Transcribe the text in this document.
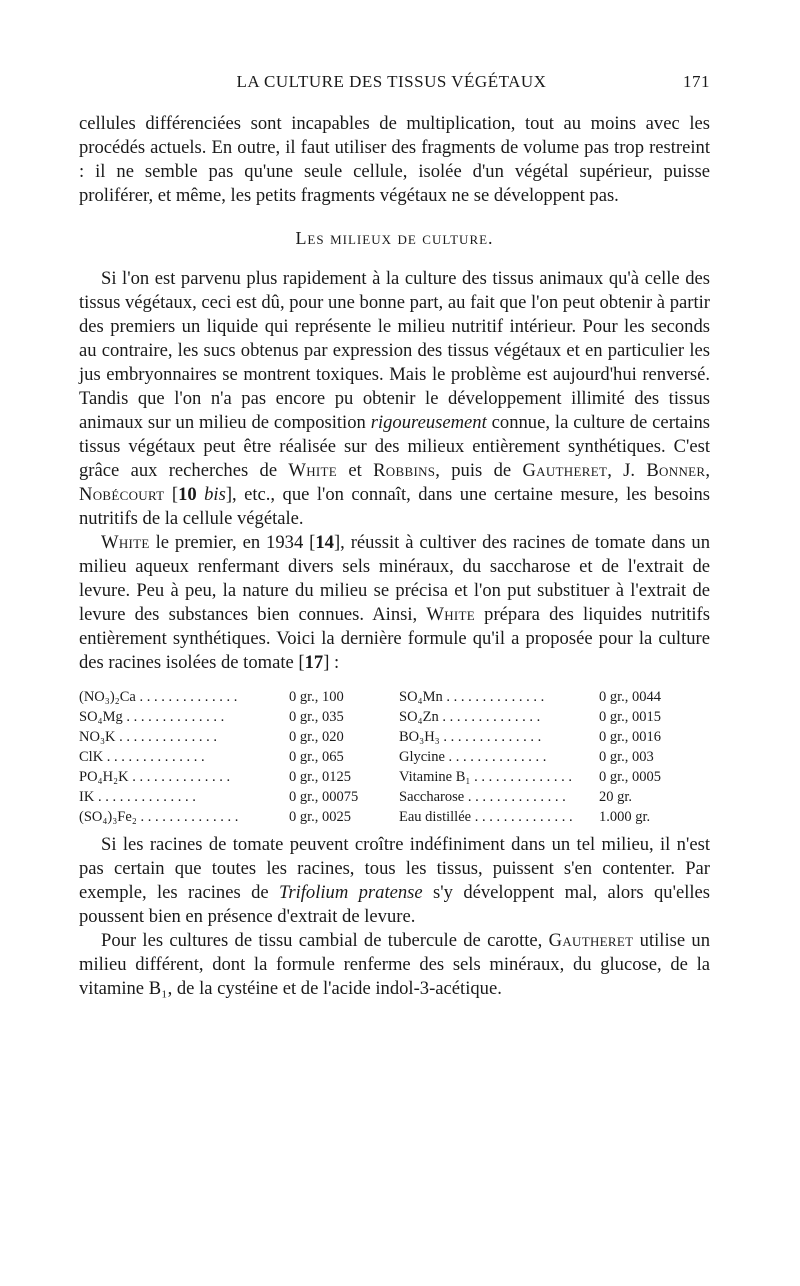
LA CULTURE DES TISSUS VÉGÉTAUX	171

cellules différenciées sont incapables de multiplication, tout au moins avec les procédés actuels. En outre, il faut utiliser des fragments de volume pas trop restreint : il ne semble pas qu'une seule cellule, isolée d'un végétal supérieur, puisse proliférer, et même, les petits fragments végétaux ne se développent pas.

Les milieux de culture.

Si l'on est parvenu plus rapidement à la culture des tissus animaux qu'à celle des tissus végétaux, ceci est dû, pour une bonne part, au fait que l'on peut obtenir à partir des premiers un liquide qui représente le milieu nutritif intérieur. Pour les seconds au contraire, les sucs obtenus par expression des tissus végétaux et en particulier les jus embryonnaires se montrent toxiques. Mais le problème est aujourd'hui renversé. Tandis que l'on n'a pas encore pu obtenir le développement illimité des tissus animaux sur un milieu de composition rigoureusement connue, la culture de certains tissus végétaux peut être réalisée sur des milieux entièrement synthétiques. C'est grâce aux recherches de White et Robbins, puis de Gautheret, J. Bonner, Nobécourt [10 bis], etc., que l'on connaît, dans une certaine mesure, les besoins nutritifs de la cellule végétale.

White le premier, en 1934 [14], réussit à cultiver des racines de tomate dans un milieu aqueux renfermant divers sels minéraux, du saccharose et de l'extrait de levure. Peu à peu, la nature du milieu se précisa et l'on put substituer à l'extrait de levure des substances bien connues. Ainsi, White prépara des liquides nutritifs entièrement synthétiques. Voici la dernière formule qu'il a proposée pour la culture des racines isolées de tomate [17] :

(NO₃)₂Ca . . .	0 gr., 100	SO₄Mn . . .	0 gr., 0044

SO₄Mg . . .	0 gr., 035	SO₄Zn . . .	0 gr., 0015

NO₃K . . .	0 gr., 020	BO₃H₃ . . .	0 gr., 0016

ClK . . .	0 gr., 065	Glycine . . .	0 gr., 003

PO₄H₂K . . .	0 gr., 0125	Vitamine B₁ . . .	0 gr., 0005

IK . . .	0 gr., 00075	Saccharose . . .	20 gr.

(SO₄)₃Fe₂ . . .	0 gr., 0025	Eau distillée . . .	1.000 gr.

Si les racines de tomate peuvent croître indéfiniment dans un tel milieu, il n'est pas certain que toutes les racines, tous les tissus, puissent s'en contenter. Par exemple, les racines de Trifolium pratense s'y développent mal, alors qu'elles poussent bien en présence d'extrait de levure.

Pour les cultures de tissu cambial de tubercule de carotte, Gautheret utilise un milieu différent, dont la formule renferme des sels minéraux, du glucose, de la vitamine B₁, de la cystéine et de l'acide indol-3-acétique.
